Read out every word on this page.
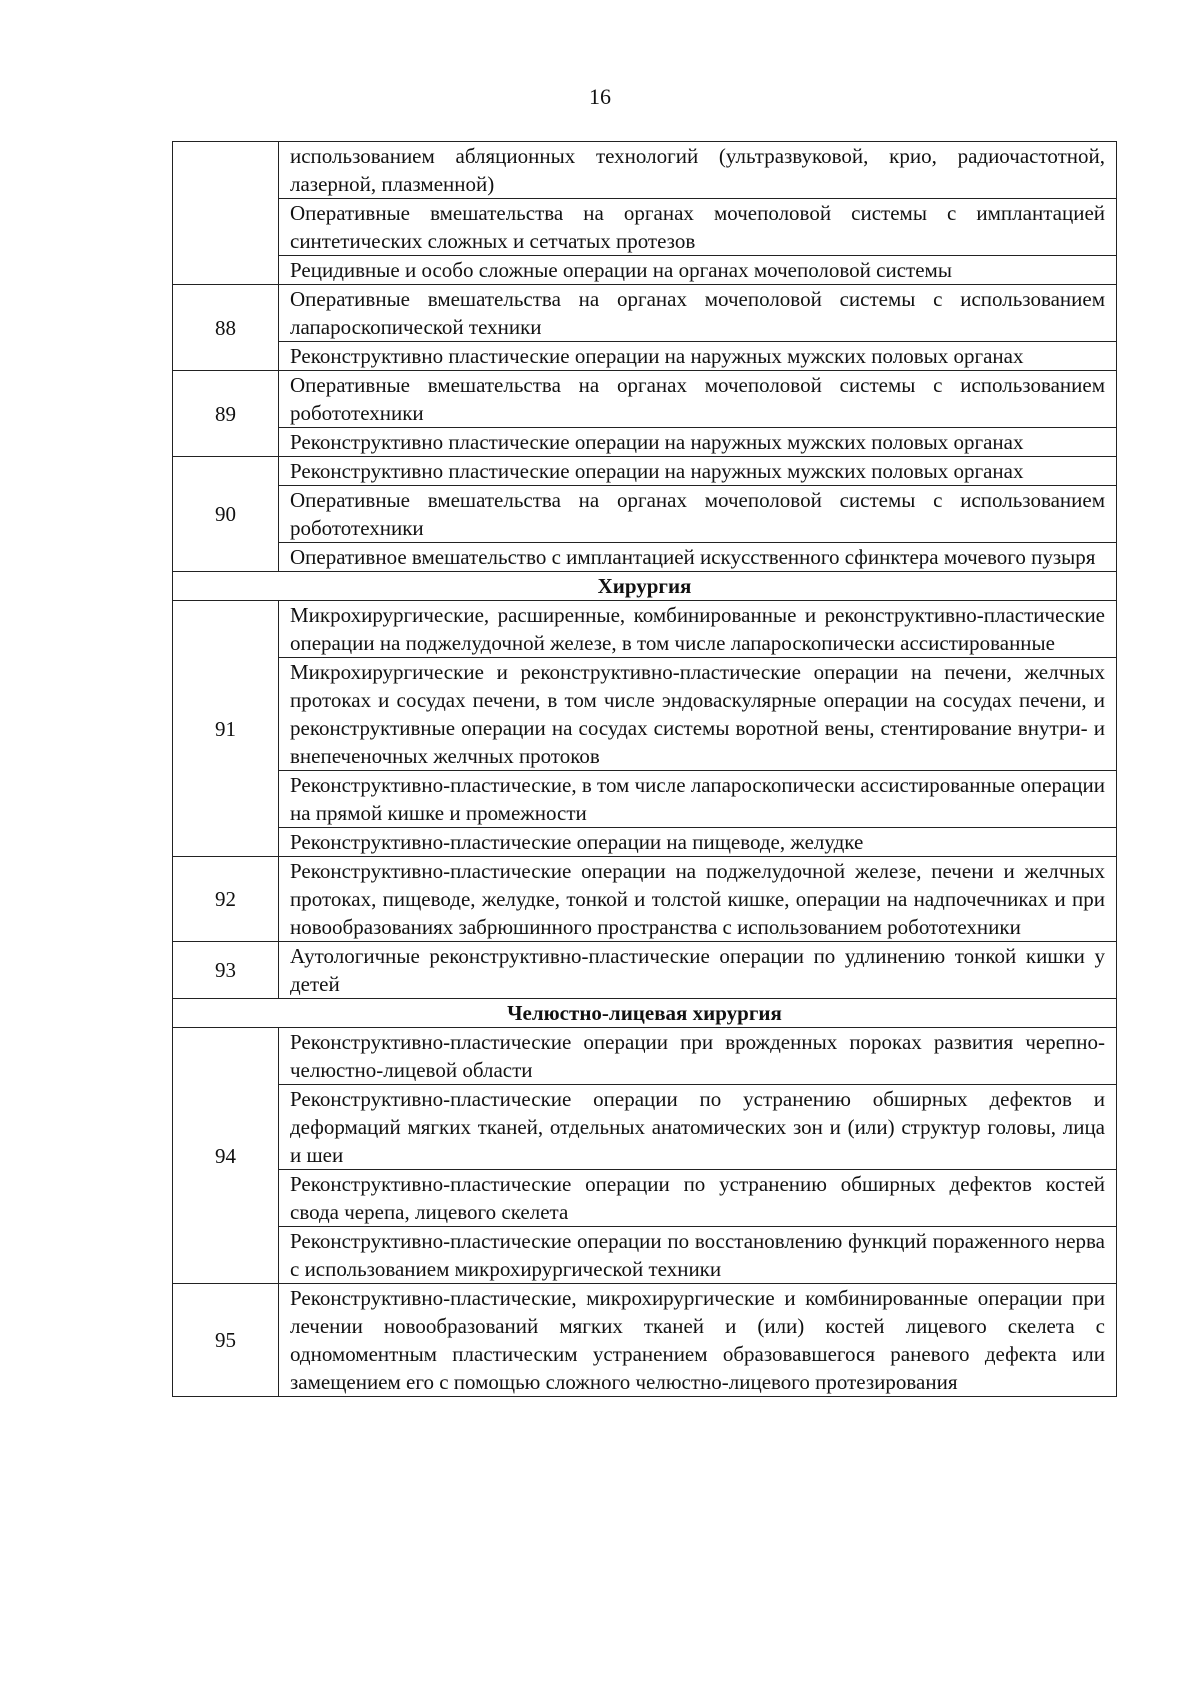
16
	использованием абляционных технологий (ультразвуковой, крио, радиочастотной, лазерной, плазменной)
	Оперативные вмешательства на органах мочеполовой системы с имплантацией синтетических сложных и сетчатых протезов
	Рецидивные и особо сложные операции на органах мочеполовой системы
88	Оперативные вмешательства на органах мочеполовой системы с использованием лапароскопической техники
	Реконструктивно пластические операции на наружных мужских половых органах
89	Оперативные вмешательства на органах мочеполовой системы с использованием робототехники
	Реконструктивно пластические операции на наружных мужских половых органах
90	Реконструктивно пластические операции на наружных мужских половых органах
	Оперативные вмешательства на органах мочеполовой системы с использованием робототехники
	Оперативное вмешательство с имплантацией искусственного сфинктера мочевого пузыря
Хирургия	
91	Микрохирургические, расширенные, комбинированные и реконструктивно-пластические операции на поджелудочной железе, в том числе лапароскопически ассистированные
	Микрохирургические и реконструктивно-пластические операции на печени, желчных протоках и сосудах печени, в том числе эндоваскулярные операции на сосудах печени, и реконструктивные операции на сосудах системы воротной вены, стентирование внутри- и внепеченочных желчных протоков
	Реконструктивно-пластические, в том числе лапароскопически ассистированные операции на прямой кишке и промежности
	Реконструктивно-пластические операции на пищеводе, желудке
92	Реконструктивно-пластические операции на поджелудочной железе, печени и желчных протоках, пищеводе, желудке, тонкой и толстой кишке, операции на надпочечниках и при новообразованиях забрюшинного пространства с использованием робототехники
93	Аутологичные реконструктивно-пластические операции по удлинению тонкой кишки у детей
Челюстно-лицевая хирургия	
94	Реконструктивно-пластические операции при врожденных пороках развития черепно-челюстно-лицевой области
	Реконструктивно-пластические операции по устранению обширных дефектов и деформаций мягких тканей, отдельных анатомических зон и (или) структур головы, лица и шеи
	Реконструктивно-пластические операции по устранению обширных дефектов костей свода черепа, лицевого скелета
	Реконструктивно-пластические операции по восстановлению функций пораженного нерва с использованием микрохирургической техники
95	Реконструктивно-пластические, микрохирургические и комбинированные операции при лечении новообразований мягких тканей и (или) костей лицевого скелета с одномоментным пластическим устранением образовавшегося раневого дефекта или замещением его с помощью сложного челюстно-лицевого протезирования
